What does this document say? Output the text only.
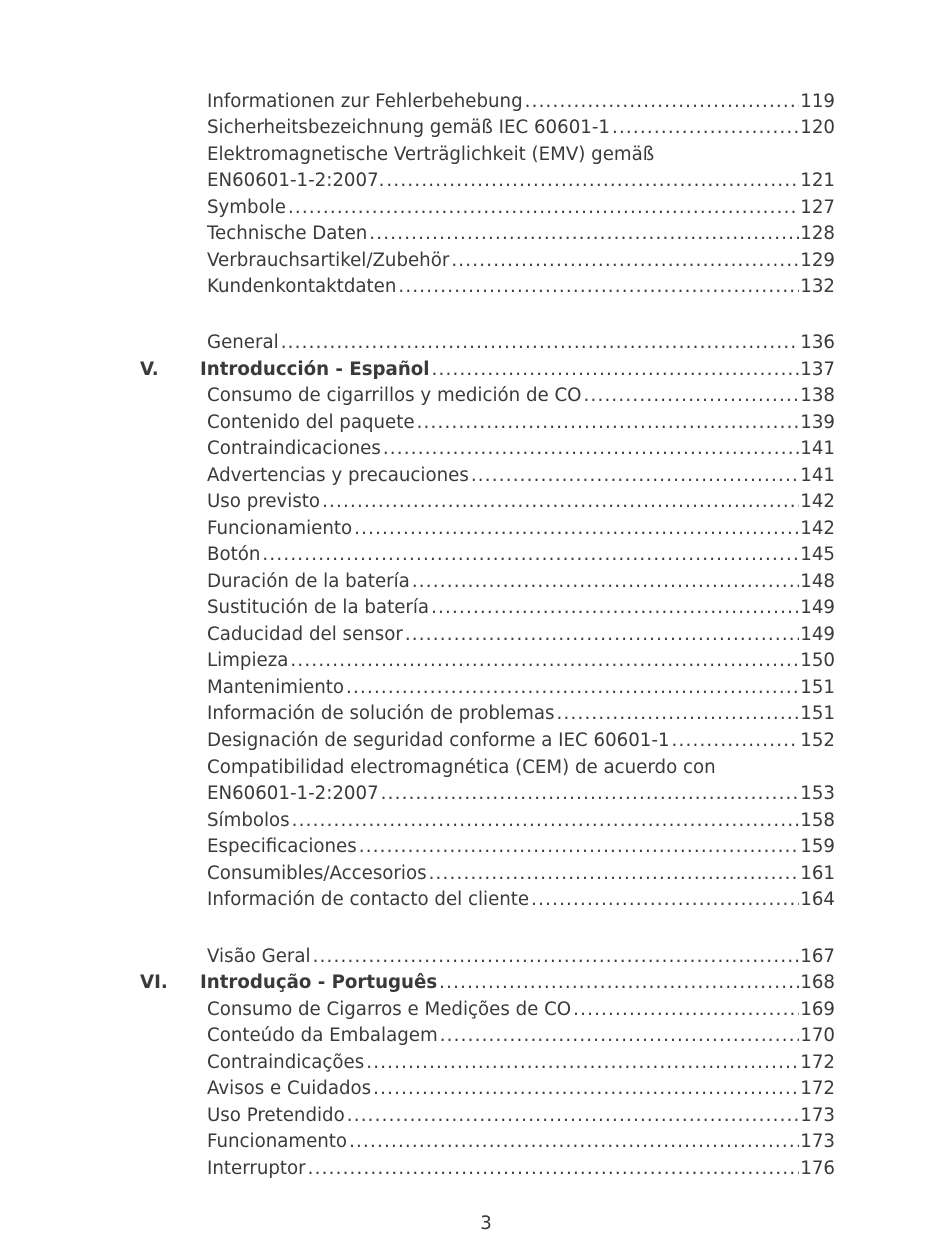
Informationen zur Fehlerbehebung .....	119
Sicherheitsbezeichnung gemäß IEC 60601-1 .....	120
Elektromagnetische Verträglichkeit (EMV) gemäß
EN60601-1-2:2007. .....	121
Symbole .....	127
Technische Daten .....	128
Verbrauchsartikel/Zubehör .....	129
Kundenkontaktdaten .....	132
General .....	136
V. Introducción - Español .....	137
Consumo de cigarrillos y medición de CO .....	138
Contenido del paquete .....	139
Contraindicaciones .....	141
Advertencias y precauciones .....	141
Uso previsto .....	142
Funcionamiento .....	142
Botón .....	145
Duración de la batería .....	148
Sustitución de la batería .....	149
Caducidad del sensor .....	149
Limpieza .....	150
Mantenimiento .....	151
Información de solución de problemas .....	151
Designación de seguridad conforme a IEC 60601-1 .....	152
Compatibilidad electromagnética (CEM) de acuerdo con
EN60601-1-2:2007 .....	153
Símbolos .....	158
Especificaciones .....	159
Consumibles/Accesorios .....	161
Información de contacto del cliente .....	164
Visão Geral .....	167
VI. Introdução - Português .....	168
Consumo de Cigarros e Medições de CO .....	169
Conteúdo da Embalagem .....	170
Contraindicações .....	172
Avisos e Cuidados .....	172
Uso Pretendido .....	173
Funcionamento .....	173
Interruptor .....	176
3
